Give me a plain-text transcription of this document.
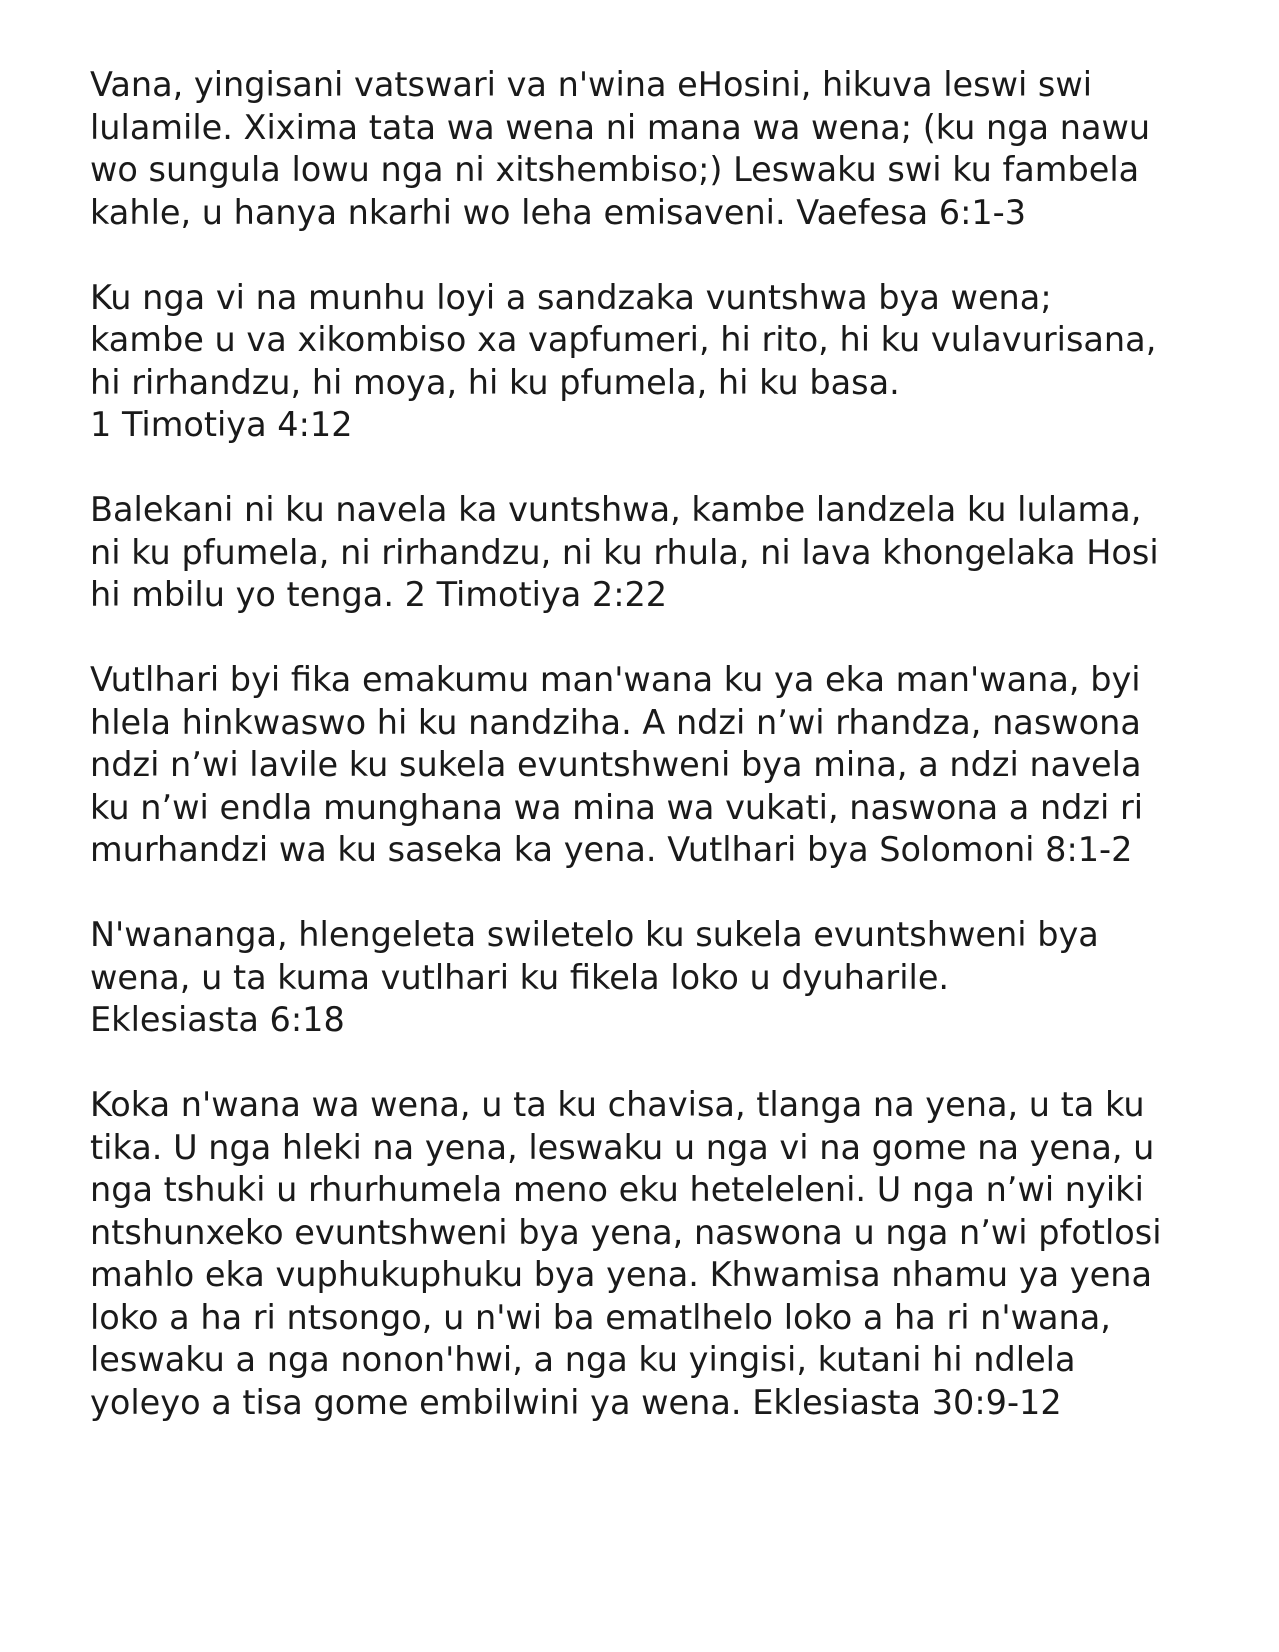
Vana, yingisani vatswari va n'wina eHosini, hikuva leswi swi
lulamile. Xixima tata wa wena ni mana wa wena; (ku nga nawu
wo sungula lowu nga ni xitshembiso;) Leswaku swi ku fambela
kahle, u hanya nkarhi wo leha emisaveni. Vaefesa 6:1-3

Ku nga vi na munhu loyi a sandzaka vuntshwa bya wena;
kambe u va xikombiso xa vapfumeri, hi rito, hi ku vulavurisana,
hi rirhandzu, hi moya, hi ku pfumela, hi ku basa.
1 Timotiya 4:12

Balekani ni ku navela ka vuntshwa, kambe landzela ku lulama,
ni ku pfumela, ni rirhandzu, ni ku rhula, ni lava khongelaka Hosi
hi mbilu yo tenga. 2 Timotiya 2:22

Vutlhari byi fika emakumu man'wana ku ya eka man'wana, byi
hlela hinkwaswo hi ku nandziha. A ndzi n’wi rhandza, naswona
ndzi n’wi lavile ku sukela evuntshweni bya mina, a ndzi navela
ku n’wi endla munghana wa mina wa vukati, naswona a ndzi ri
murhandzi wa ku saseka ka yena. Vutlhari bya Solomoni 8:1-2

N'wananga, hlengeleta swiletelo ku sukela evuntshweni bya
wena, u ta kuma vutlhari ku fikela loko u dyuharile.
Eklesiasta 6:18

Koka n'wana wa wena, u ta ku chavisa, tlanga na yena, u ta ku
tika. U nga hleki na yena, leswaku u nga vi na gome na yena, u
nga tshuki u rhurhumela meno eku heteleleni. U nga n’wi nyiki
ntshunxeko evuntshweni bya yena, naswona u nga n’wi pfotlosi
mahlo eka vuphukuphuku bya yena. Khwamisa nhamu ya yena
loko a ha ri ntsongo, u n'wi ba ematlhelo loko a ha ri n'wana,
leswaku a nga nonon'hwi, a nga ku yingisi, kutani hi ndlela
yoleyo a tisa gome embilwini ya wena. Eklesiasta 30:9-12
